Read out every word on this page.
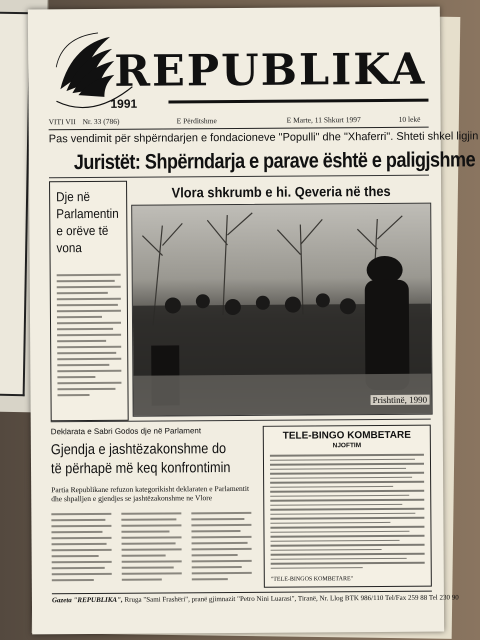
REPUBLIKA
1991
VITI VII Nr. 33 (786)	E Përditshme	E Marte, 11 Shkurt 1997	10 lekë
Pas vendimit për shpërndarjen e fondacioneve "Populli" dhe "Xhaferri". Shteti shkel ligjin
Juristët: Shpërndarja e parave është e paligjshme
Dje në Parlamentin e orëve të vona
Vlora shkrumb e hi. Qeveria në thes
Prishtinë, 1990
Deklarata e Sabri Godos dje në Parlament
Gjendja e jashtëzakonshme do të përhapë më keq konfrontimin
Partia Republikane refuzon kategorikisht deklaraten e Parlamentit dhe shpalljen e gjendjes se jashtëzakonshme ne Vlore
TELE-BINGO KOMBETARE
NJOFTIM
"TELE-BINGOS KOMBETARE"
Gazeta "REPUBLIKA", Rruga "Sami Frashëri", pranë gjimnazit "Petro Nini Luarasi", Tiranë, Nr. Llog BTK 986/110 Tel/Fax 259 88 Tel 230 90
